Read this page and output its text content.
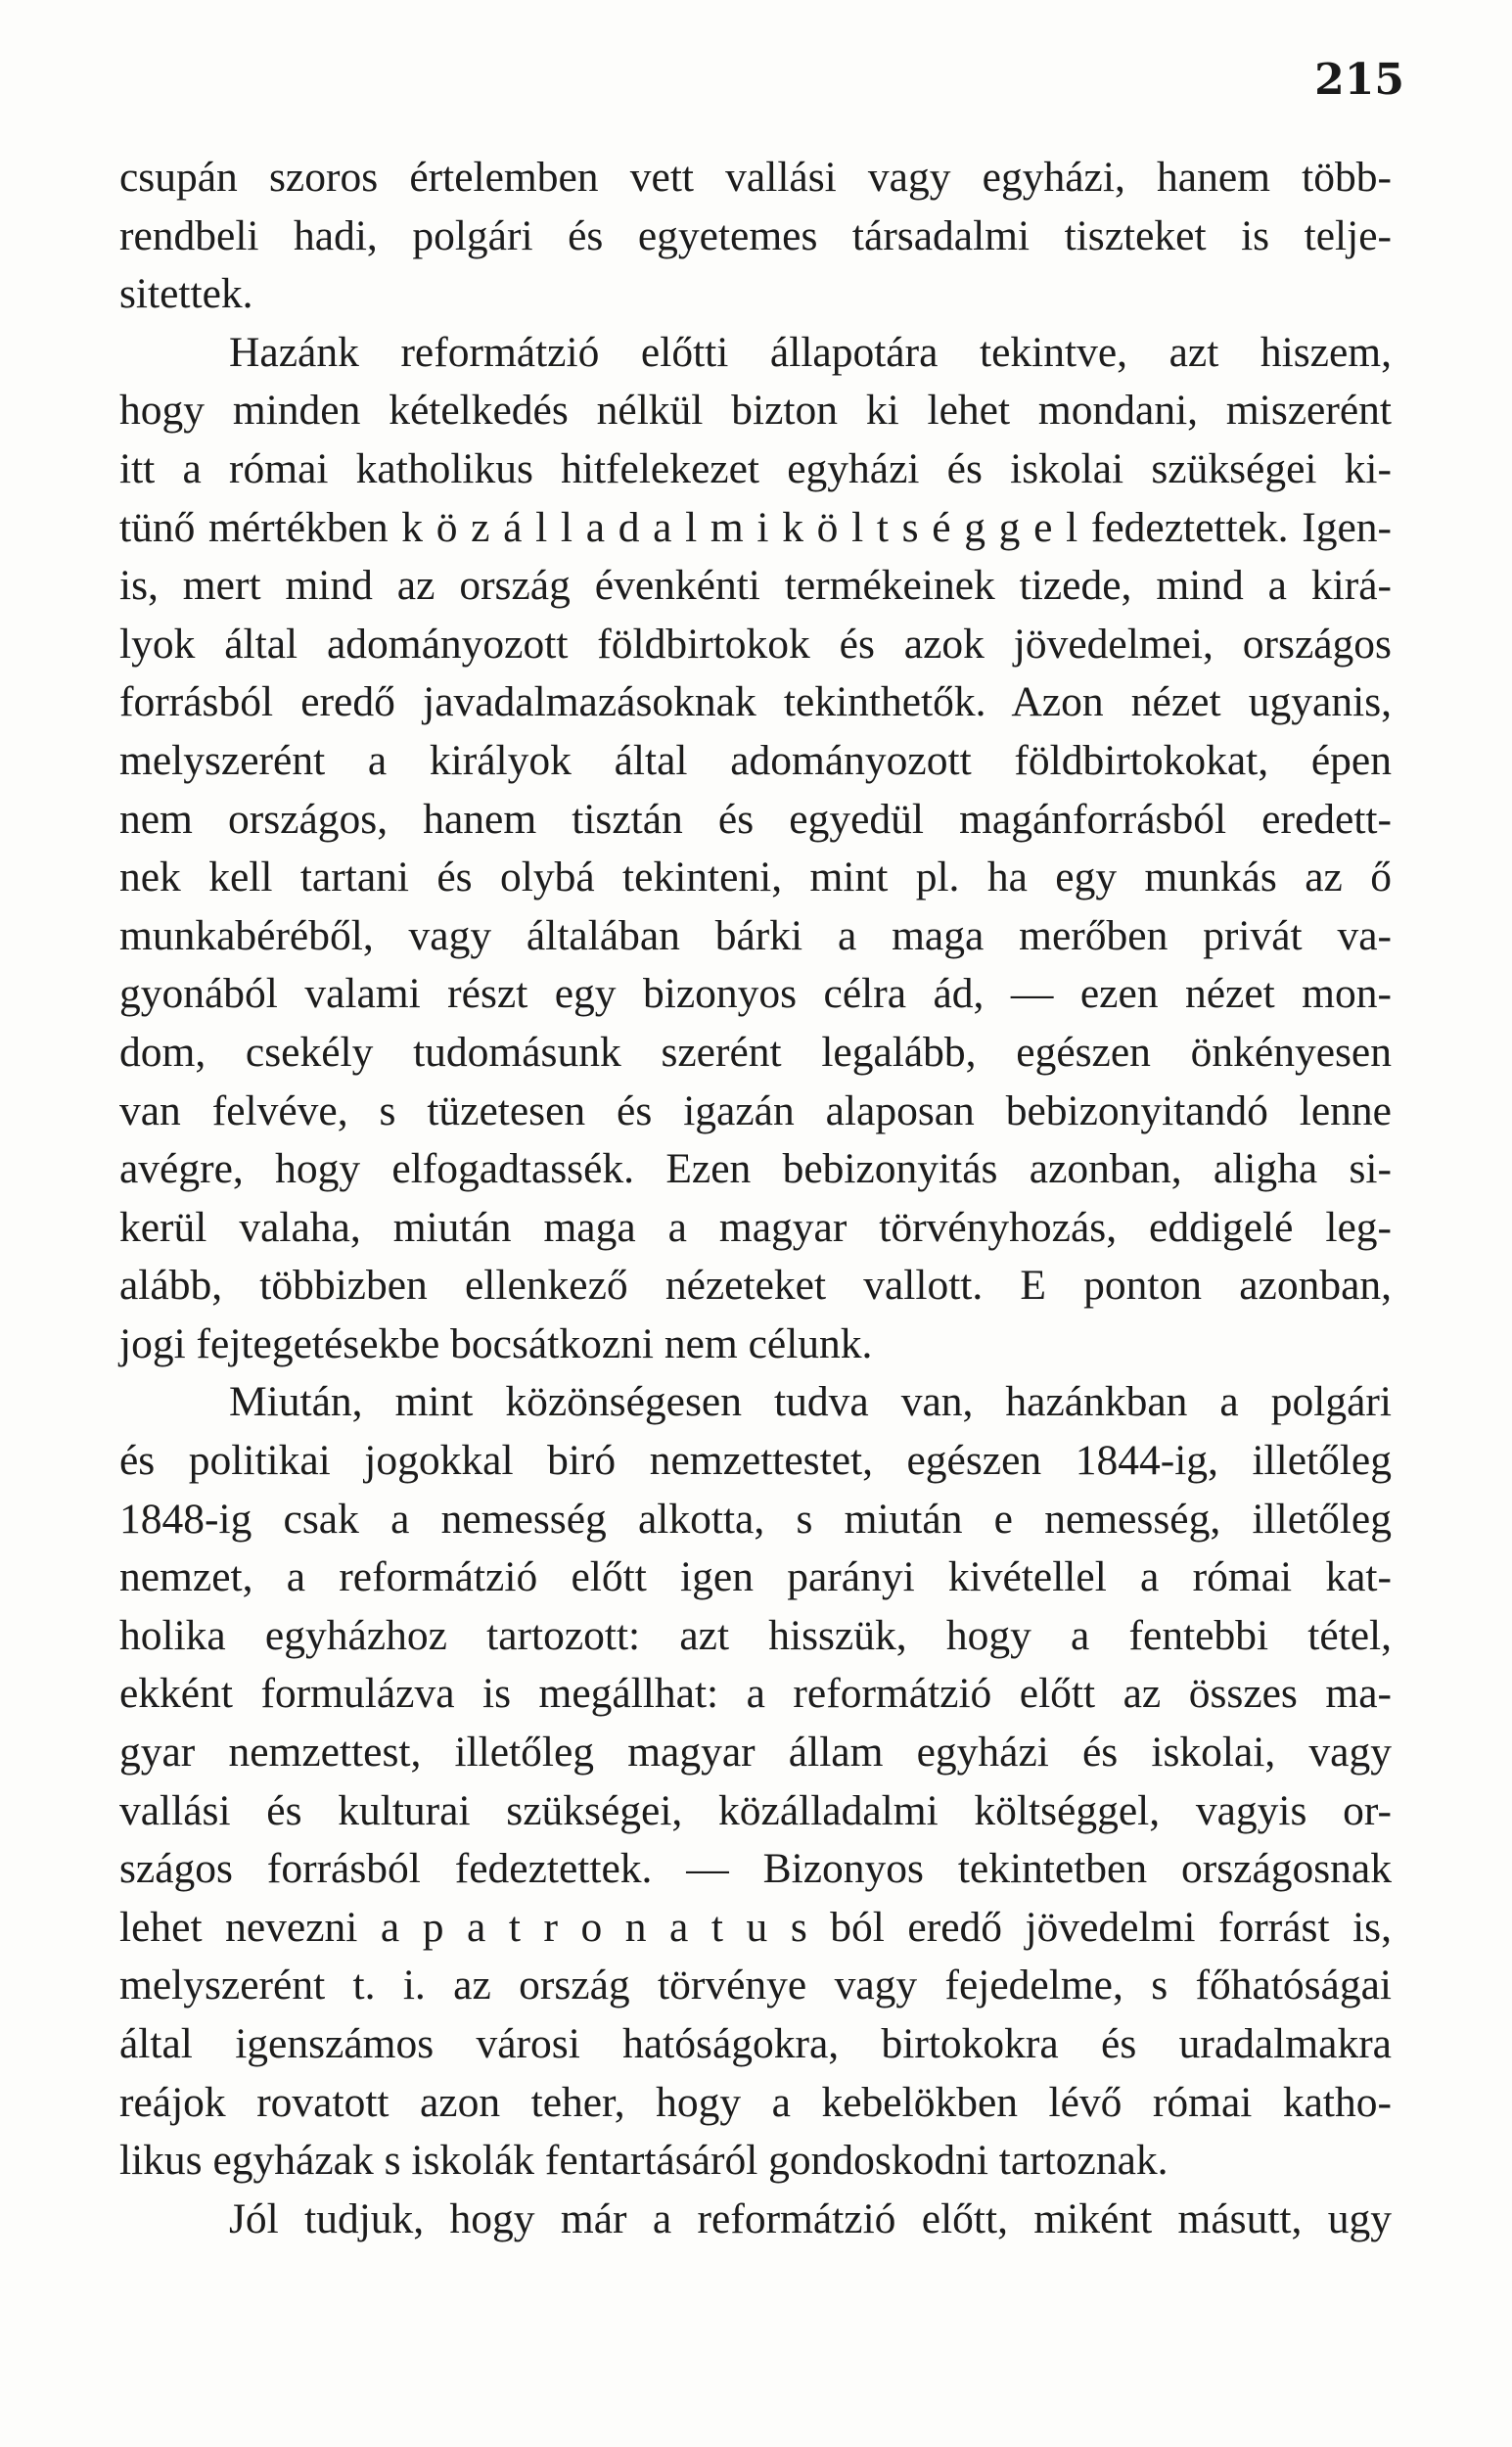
215
csupán szoros értelemben vett vallási vagy egyházi, hanem több-
rendbeli hadi, polgári és egyetemes társadalmi tiszteket is telje-
sitettek.
Hazánk reformátzió előtti állapotára tekintve, azt hiszem,
hogy minden kételkedés nélkül bizton ki lehet mondani, miszerént
itt a római katholikus hitfelekezet egyházi és iskolai szükségei ki-
tünő mértékben k ö z á l l a d a l m i k ö l t s é g g e l fedeztettek. Igen-
is, mert mind az ország évenkénti termékeinek tizede, mind a kirá-
lyok által adományozott földbirtokok és azok jövedelmei, országos
forrásból eredő javadalmazásoknak tekinthetők. Azon nézet ugyanis,
melyszerént a királyok által adományozott földbirtokokat, épen
nem országos, hanem tisztán és egyedül magánforrásból eredett-
nek kell tartani és olybá tekinteni, mint pl. ha egy munkás az ő
munkabéréből, vagy általában bárki a maga merőben privát va-
gyonából valami részt egy bizonyos célra ád, — ezen nézet mon-
dom, csekély tudomásunk szerént legalább, egészen önkényesen
van felvéve, s tüzetesen és igazán alaposan bebizonyitandó lenne
avégre, hogy elfogadtassék. Ezen bebizonyitás azonban, aligha si-
kerül valaha, miután maga a magyar törvényhozás, eddigelé leg-
alább, többizben ellenkező nézeteket vallott. E ponton azonban,
jogi fejtegetésekbe bocsátkozni nem célunk.
Miután, mint közönségesen tudva van, hazánkban a polgári
és politikai jogokkal biró nemzettestet, egészen 1844-ig, illetőleg
1848-ig csak a nemesség alkotta, s miután e nemesség, illetőleg
nemzet, a reformátzió előtt igen parányi kivétellel a római kat-
holika egyházhoz tartozott: azt hisszük, hogy a fentebbi tétel,
ekként formulázva is megállhat: a reformátzió előtt az összes ma-
gyar nemzettest, illetőleg magyar állam egyházi és iskolai, vagy
vallási és kulturai szükségei, közálladalmi költséggel, vagyis or-
szágos forrásból fedeztettek. — Bizonyos tekintetben országosnak
lehet nevezni a p a t r o n a t u s ból eredő jövedelmi forrást is,
melyszerént t. i. az ország törvénye vagy fejedelme, s főhatóságai
által igenszámos városi hatóságokra, birtokokra és uradalmakra
reájok rovatott azon teher, hogy a kebelökben lévő római katho-
likus egyházak s iskolák fentartásáról gondoskodni tartoznak.
Jól tudjuk, hogy már a reformátzió előtt, miként másutt, ugy
